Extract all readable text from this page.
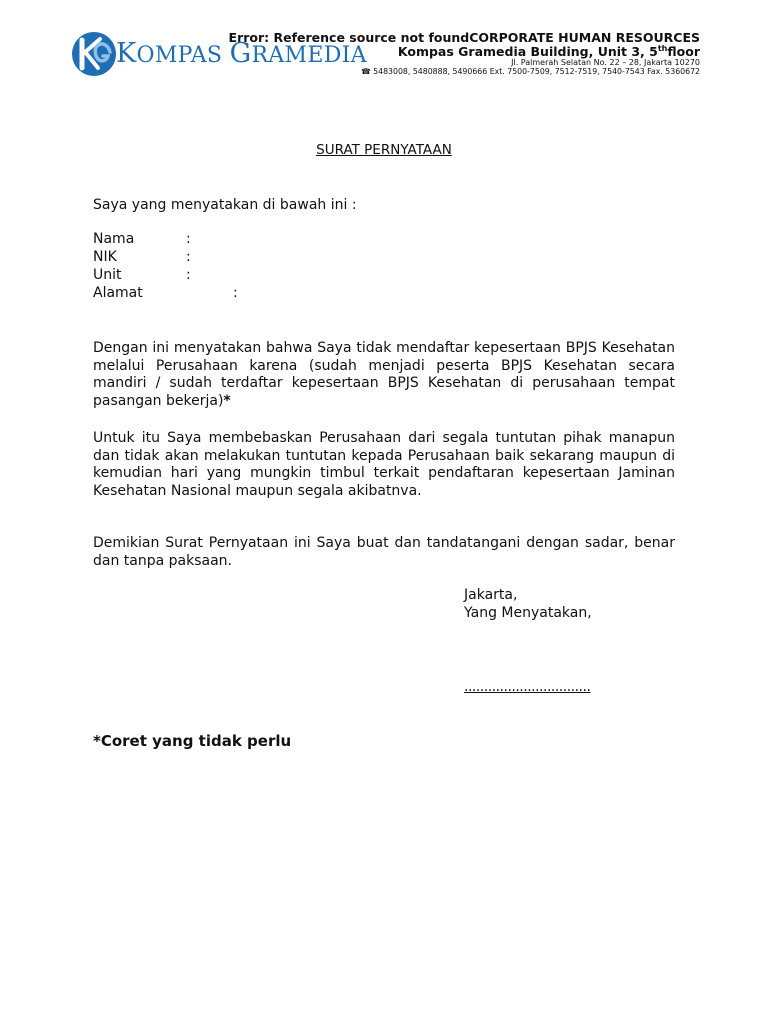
KOMPAS GRAMEDIA
Error: Reference source not foundCORPORATE HUMAN RESOURCES
Kompas Gramedia Building, Unit 3, 5thfloor
Jl. Palmerah Selatan No. 22 – 28, Jakarta 10270
☎ 5483008, 5480888, 5490666 Ext. 7500-7509, 7512-7519, 7540-7543 Fax. 5360672
SURAT PERNYATAAN
Saya yang menyatakan di bawah ini :
Nama	:
NIK	:
Unit	:
Alamat	:
Dengan ini menyatakan bahwa Saya tidak mendaftar kepesertaan BPJS Kesehatan melalui Perusahaan karena (sudah menjadi peserta BPJS Kesehatan secara mandiri / sudah terdaftar kepesertaan BPJS Kesehatan di perusahaan tempat pasangan bekerja)*
Untuk itu Saya membebaskan Perusahaan dari segala tuntutan pihak manapun dan tidak akan melakukan tuntutan kepada Perusahaan baik sekarang maupun di kemudian hari yang mungkin timbul terkait pendaftaran kepesertaan Jaminan Kesehatan Nasional maupun segala akibatnva.
Demikian Surat Pernyataan ini Saya buat dan tandatangani dengan sadar, benar dan tanpa paksaan.
Jakarta,
Yang Menyatakan,
................................
*Coret yang tidak perlu
